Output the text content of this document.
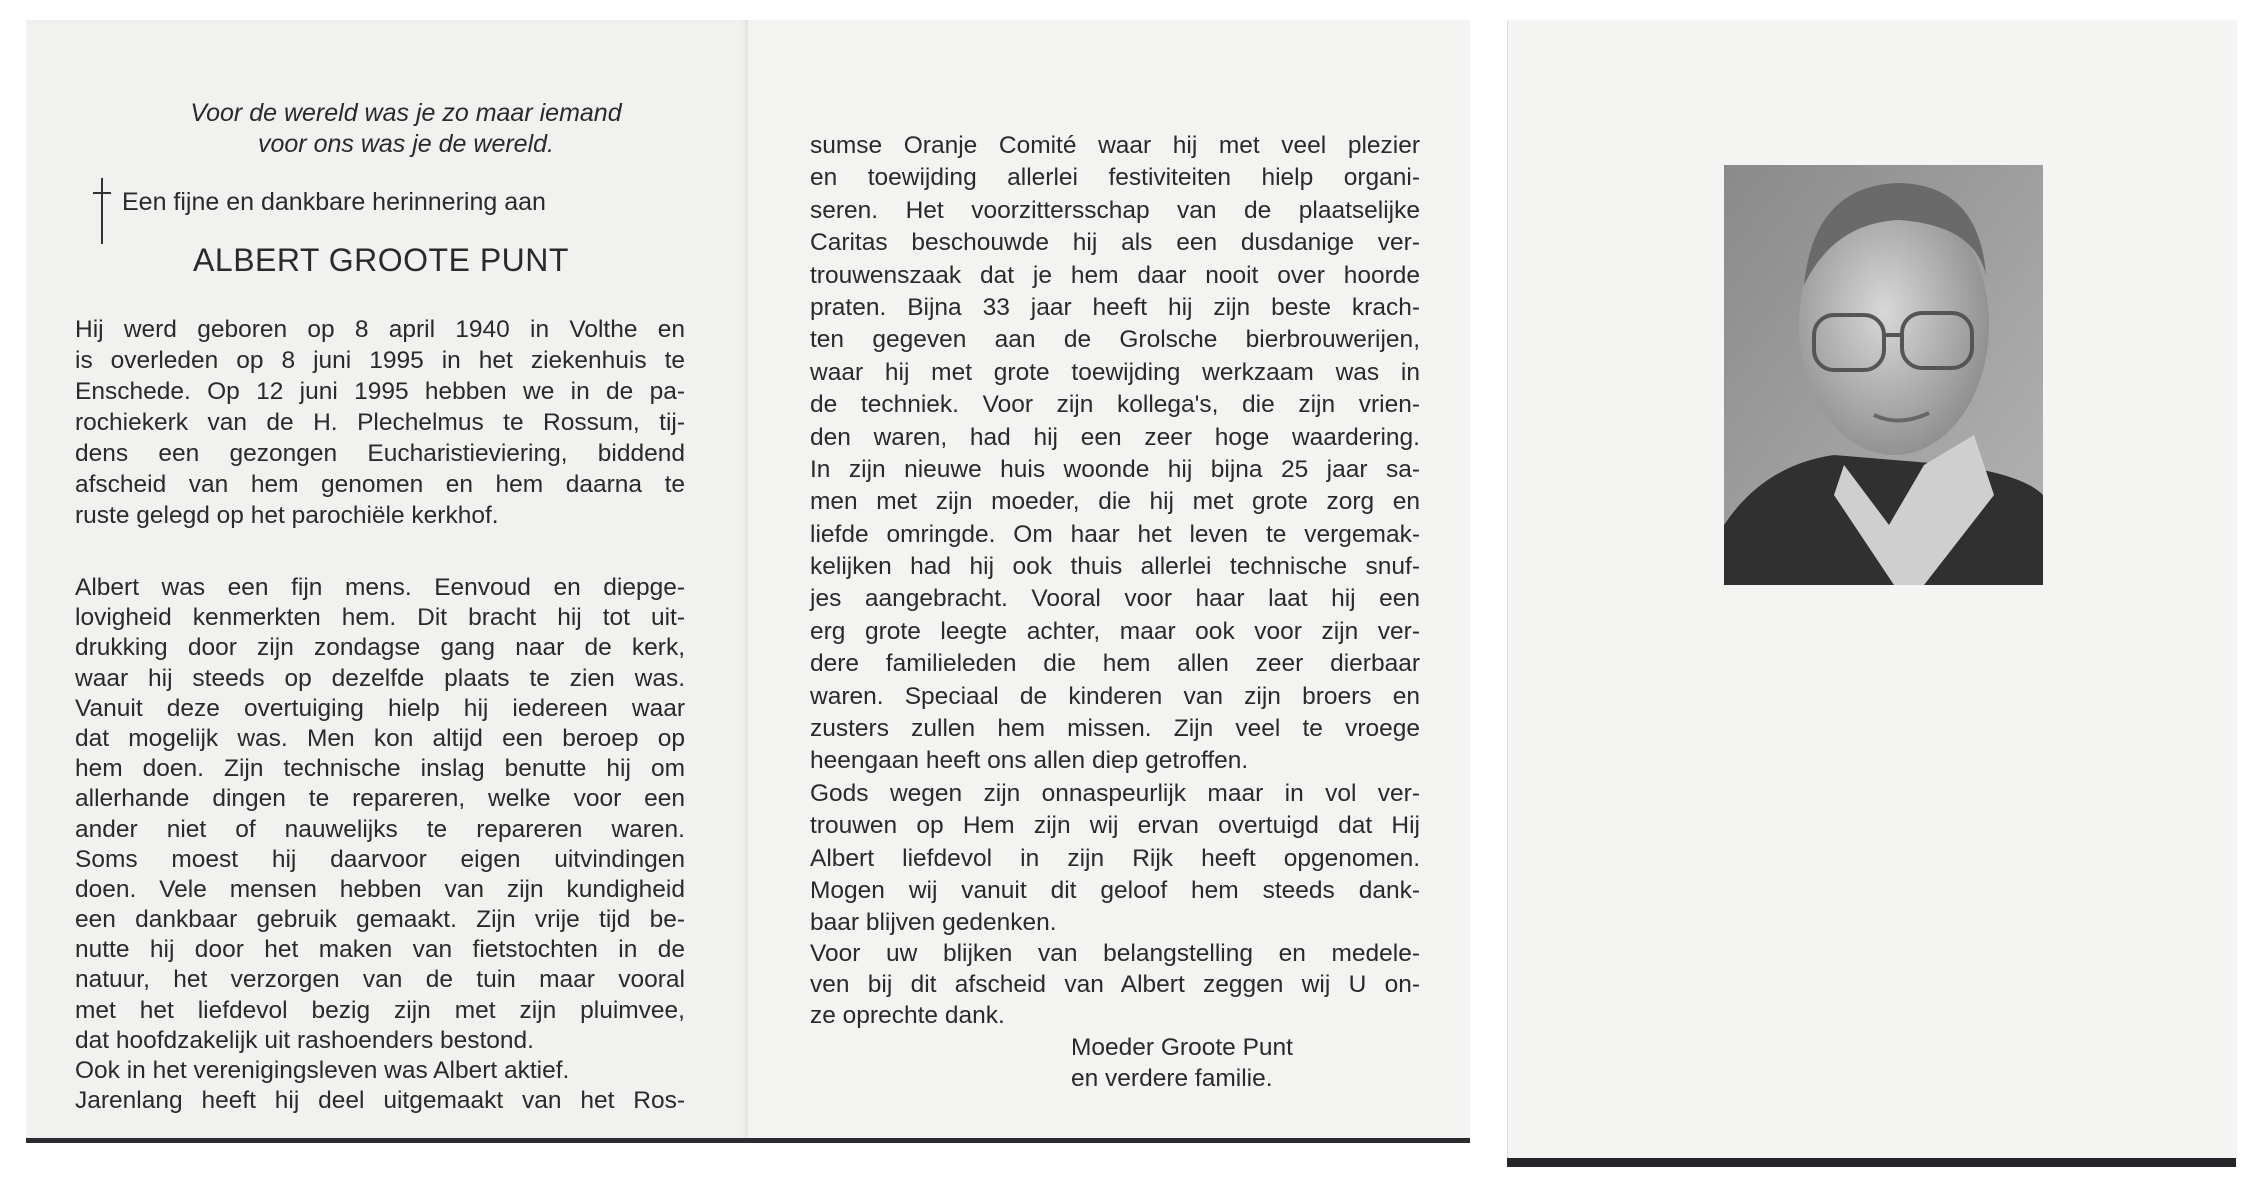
Voor de wereld was je zo maar iemand
voor ons was je de wereld.
Een fijne en dankbare herinnering aan
ALBERT GROOTE PUNT
Hij werd geboren op 8 april 1940 in Volthe en
is overleden op 8 juni 1995 in het ziekenhuis te
Enschede. Op 12 juni 1995 hebben we in de pa-
rochiekerk van de H. Plechelmus te Rossum, tij-
dens een gezongen Eucharistieviering, biddend
afscheid van hem genomen en hem daarna te
ruste gelegd op het parochiële kerkhof.
Albert was een fijn mens. Eenvoud en diepge-
lovigheid kenmerkten hem. Dit bracht hij tot uit-
drukking door zijn zondagse gang naar de kerk,
waar hij steeds op dezelfde plaats te zien was.
Vanuit deze overtuiging hielp hij iedereen waar
dat mogelijk was. Men kon altijd een beroep op
hem doen. Zijn technische inslag benutte hij om
allerhande dingen te repareren, welke voor een
ander niet of nauwelijks te repareren waren.
Soms moest hij daarvoor eigen uitvindingen
doen. Vele mensen hebben van zijn kundigheid
een dankbaar gebruik gemaakt. Zijn vrije tijd be-
nutte hij door het maken van fietstochten in de
natuur, het verzorgen van de tuin maar vooral
met het liefdevol bezig zijn met zijn pluimvee,
dat hoofdzakelijk uit rashoenders bestond.
Ook in het verenigingsleven was Albert aktief.
Jarenlang heeft hij deel uitgemaakt van het Ros-
sumse Oranje Comité waar hij met veel plezier
en toewijding allerlei festiviteiten hielp organi-
seren. Het voorzittersschap van de plaatselijke
Caritas beschouwde hij als een dusdanige ver-
trouwenszaak dat je hem daar nooit over hoorde
praten. Bijna 33 jaar heeft hij zijn beste krach-
ten gegeven aan de Grolsche bierbrouwerijen,
waar hij met grote toewijding werkzaam was in
de techniek. Voor zijn kollega's, die zijn vrien-
den waren, had hij een zeer hoge waardering.
In zijn nieuwe huis woonde hij bijna 25 jaar sa-
men met zijn moeder, die hij met grote zorg en
liefde omringde. Om haar het leven te vergemak-
kelijken had hij ook thuis allerlei technische snuf-
jes aangebracht. Vooral voor haar laat hij een
erg grote leegte achter, maar ook voor zijn ver-
dere familieleden die hem allen zeer dierbaar
waren. Speciaal de kinderen van zijn broers en
zusters zullen hem missen. Zijn veel te vroege
heengaan heeft ons allen diep getroffen.
Gods wegen zijn onnaspeurlijk maar in vol ver-
trouwen op Hem zijn wij ervan overtuigd dat Hij
Albert liefdevol in zijn Rijk heeft opgenomen.
Mogen wij vanuit dit geloof hem steeds dank-
baar blijven gedenken.
Voor uw blijken van belangstelling en medele-
ven bij dit afscheid van Albert zeggen wij U on-
ze oprechte dank.
Moeder Groote Punt
en verdere familie.
